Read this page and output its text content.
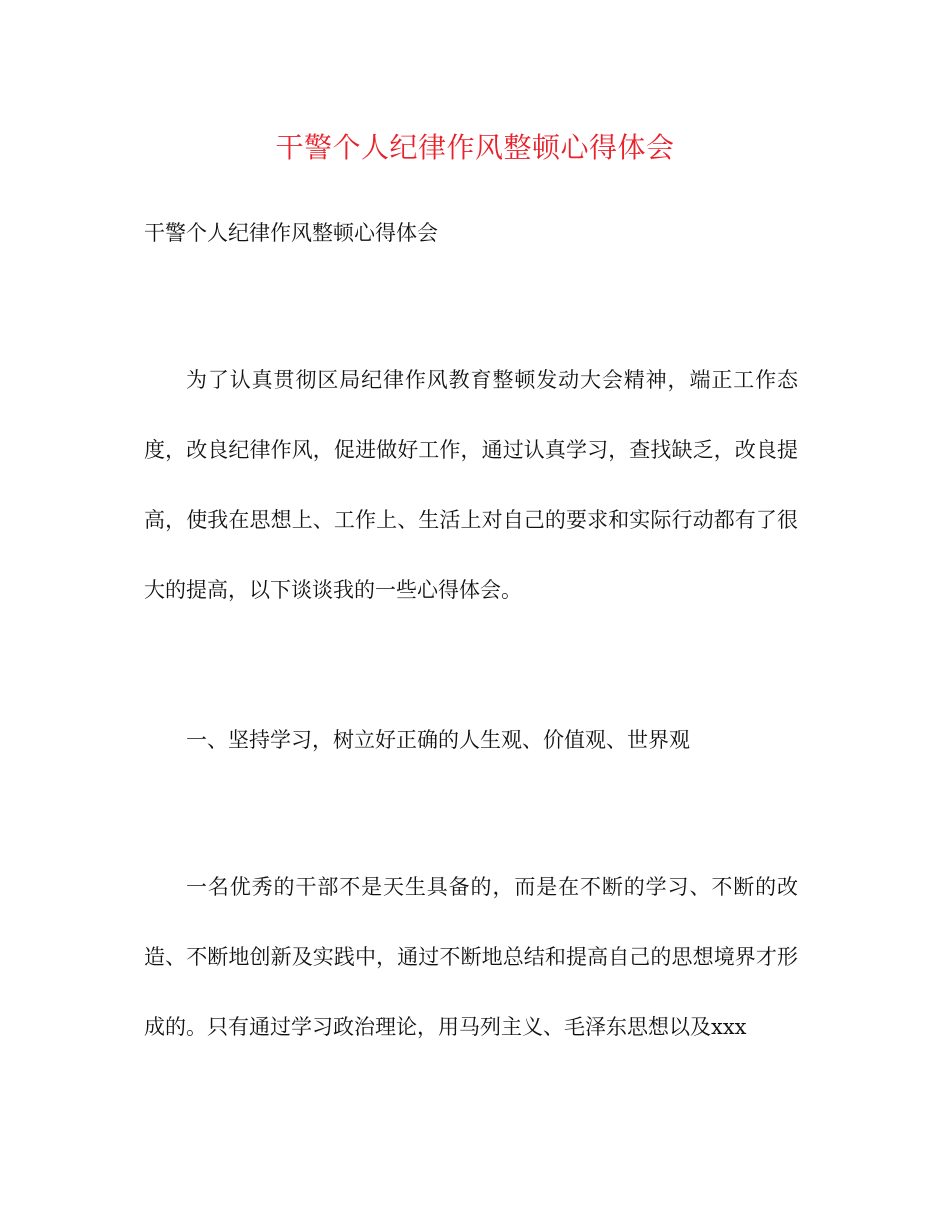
干警个人纪律作风整顿心得体会
干警个人纪律作风整顿心得体会
为了认真贯彻区局纪律作风教育整顿发动大会精神，端正工作态度，改良纪律作风，促进做好工作，通过认真学习，查找缺乏，改良提高，使我在思想上、工作上、生活上对自己的要求和实际行动都有了很大的提高，以下谈谈我的一些心得体会。
一、坚持学习，树立好正确的人生观、价值观、世界观
一名优秀的干部不是天生具备的，而是在不断的学习、不断的改造、不断地创新及实践中，通过不断地总结和提高自己的思想境界才形成的。只有通过学习政治理论，用马列主义、毛泽东思想以及xxx
